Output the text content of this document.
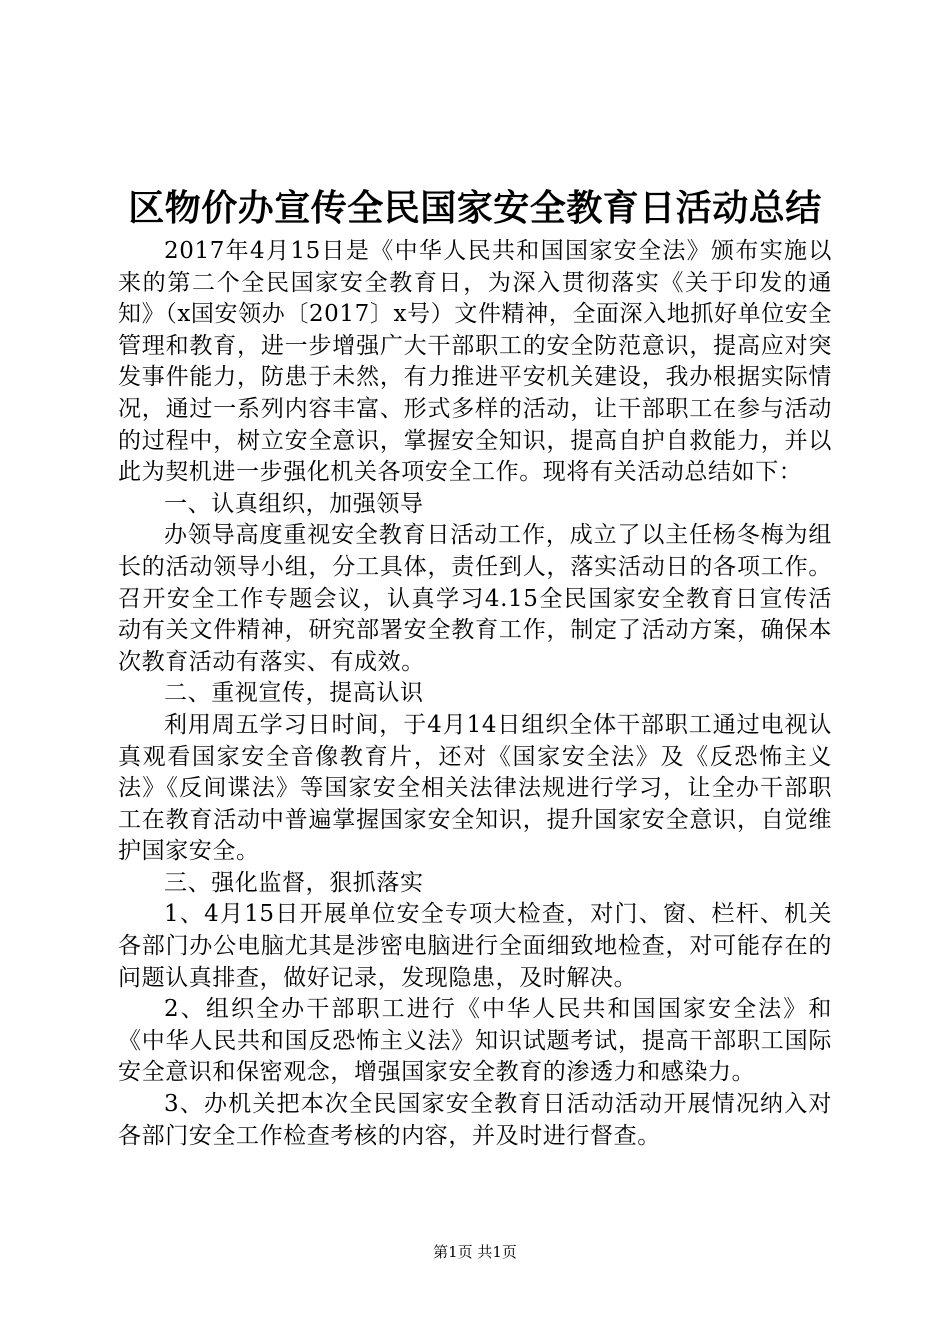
区物价办宣传全民国家安全教育日活动总结

2017年4月15日是《中华人民共和国国家安全法》颁布实施以来的第二个全民国家安全教育日，为深入贯彻落实《关于印发的通知》（x国安领办〔2017〕x号）文件精神，全面深入地抓好单位安全管理和教育，进一步增强广大干部职工的安全防范意识，提高应对突发事件能力，防患于未然，有力推进平安机关建设，我办根据实际情况，通过一系列内容丰富、形式多样的活动，让干部职工在参与活动的过程中，树立安全意识，掌握安全知识，提高自护自救能力，并以此为契机进一步强化机关各项安全工作。现将有关活动总结如下：

一、认真组织，加强领导

办领导高度重视安全教育日活动工作，成立了以主任杨冬梅为组长的活动领导小组，分工具体，责任到人，落实活动日的各项工作。召开安全工作专题会议，认真学习4.15全民国家安全教育日宣传活动有关文件精神，研究部署安全教育工作，制定了活动方案，确保本次教育活动有落实、有成效。

二、重视宣传，提高认识

利用周五学习日时间，于4月14日组织全体干部职工通过电视认真观看国家安全音像教育片，还对《国家安全法》及《反恐怖主义法》《反间谍法》等国家安全相关法律法规进行学习，让全办干部职工在教育活动中普遍掌握国家安全知识，提升国家安全意识，自觉维护国家安全。

三、强化监督，狠抓落实

1、4月15日开展单位安全专项大检查，对门、窗、栏杆、机关各部门办公电脑尤其是涉密电脑进行全面细致地检查，对可能存在的问题认真排查，做好记录，发现隐患，及时解决。

2、组织全办干部职工进行《中华人民共和国国家安全法》和《中华人民共和国反恐怖主义法》知识试题考试，提高干部职工国际安全意识和保密观念，增强国家安全教育的渗透力和感染力。

3、办机关把本次全民国家安全教育日活动活动开展情况纳入对各部门安全工作检查考核的内容，并及时进行督查。

第1页 共1页
